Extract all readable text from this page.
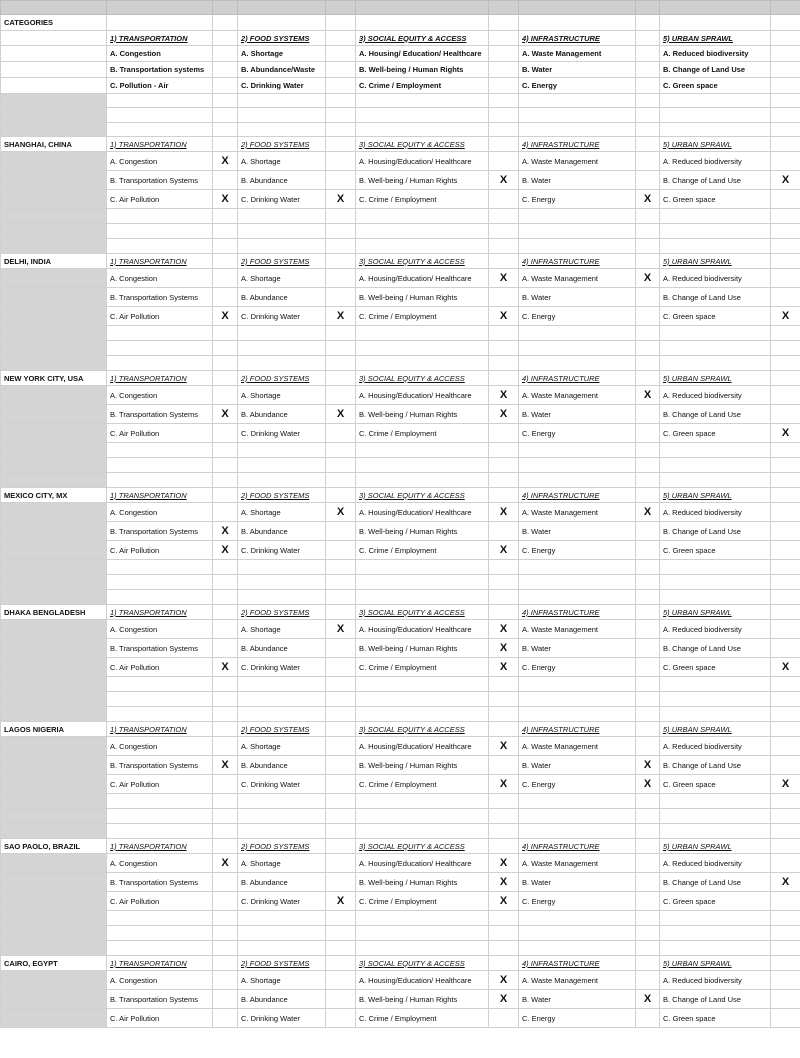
CATEGORIES										
	1) TRANSPORTATION		2) FOOD SYSTEMS		3) SOCIAL EQUITY & ACCESS		4) INFRASTRUCTURE		5) URBAN SPRAWL	
	A. Congestion		A. Shortage		A. Housing/ Education/ Healthcare		A. Waste Management		A. Reduced biodiversity	
	B. Transportation systems		B. Abundance/Waste		B. Well-being / Human Rights		B. Water		B. Change of Land Use	
	C. Pollution - Air		C. Drinking Water		C. Crime / Employment		C. Energy		C. Green space	

SHANGHAI, CHINA	1) TRANSPORTATION		2) FOOD SYSTEMS		3) SOCIAL EQUITY & ACCESS		4) INFRASTRUCTURE		5) URBAN SPRAWL	
	A. Congestion	X	A. Shortage		A. Housing/Education/ Healthcare		A. Waste Management		A. Reduced biodiversity	
	B. Transportation Systems		B. Abundance		B. Well-being / Human Rights	X	B. Water		B. Change of Land Use	X
	C. Air Pollution	X	C. Drinking Water	X	C. Crime / Employment		C. Energy	X	C. Green space	

DELHI, INDIA	1) TRANSPORTATION		2) FOOD SYSTEMS		3) SOCIAL EQUITY & ACCESS		4) INFRASTRUCTURE		5) URBAN SPRAWL	
	A. Congestion		A. Shortage		A. Housing/Education/ Healthcare	X	A. Waste Management	X	A. Reduced biodiversity	
	B. Transportation Systems		B. Abundance		B. Well-being / Human Rights		B. Water		B. Change of Land Use	
	C. Air Pollution	X	C. Drinking Water	X	C. Crime / Employment	X	C. Energy		C. Green space	X

NEW YORK CITY, USA	1) TRANSPORTATION		2) FOOD SYSTEMS		3) SOCIAL EQUITY & ACCESS		4) INFRASTRUCTURE		5) URBAN SPRAWL	
	A. Congestion		A. Shortage		A. Housing/Education/ Healthcare	X	A. Waste Management	X	A. Reduced biodiversity	
	B. Transportation Systems	X	B. Abundance	X	B. Well-being / Human Rights	X	B. Water		B. Change of Land Use	
	C. Air Pollution		C. Drinking Water		C. Crime / Employment		C. Energy		C. Green space	X

MEXICO CITY, MX	1) TRANSPORTATION		2) FOOD SYSTEMS		3) SOCIAL EQUITY & ACCESS		4) INFRASTRUCTURE		5) URBAN SPRAWL	
	A. Congestion		A. Shortage	X	A. Housing/Education/ Healthcare	X	A. Waste Management	X	A. Reduced biodiversity	
	B. Transportation Systems	X	B. Abundance		B. Well-being / Human Rights		B. Water		B. Change of Land Use	
	C. Air Pollution	X	C. Drinking Water		C. Crime / Employment	X	C. Energy		C. Green space	

DHAKA BENGLADESH	1) TRANSPORTATION		2) FOOD SYSTEMS		3) SOCIAL EQUITY & ACCESS		4) INFRASTRUCTURE		5) URBAN SPRAWL	
	A. Congestion		A. Shortage	X	A. Housing/Education/ Healthcare	X	A. Waste Management		A. Reduced biodiversity	
	B. Transportation Systems		B. Abundance		B. Well-being / Human Rights	X	B. Water		B. Change of Land Use	
	C. Air Pollution	X	C. Drinking Water		C. Crime / Employment	X	C. Energy		C. Green space	X

LAGOS NIGERIA	1) TRANSPORTATION		2) FOOD SYSTEMS		3) SOCIAL EQUITY & ACCESS		4) INFRASTRUCTURE		5) URBAN SPRAWL	
	A. Congestion		A. Shortage		A. Housing/Education/ Healthcare	X	A. Waste Management		A. Reduced biodiversity	
	B. Transportation Systems	X	B. Abundance		B. Well-being / Human Rights		B. Water	X	B. Change of Land Use	
	C. Air Pollution		C. Drinking Water		C. Crime / Employment	X	C. Energy	X	C. Green space	X

SAO PAOLO, BRAZIL	1) TRANSPORTATION		2) FOOD SYSTEMS		3) SOCIAL EQUITY & ACCESS		4) INFRASTRUCTURE		5) URBAN SPRAWL	
	A. Congestion	X	A. Shortage		A. Housing/Education/ Healthcare	X	A. Waste Management		A. Reduced biodiversity	
	B. Transportation Systems		B. Abundance		B. Well-being / Human Rights	X	B. Water		B. Change of Land Use	X
	C. Air Pollution		C. Drinking Water	X	C. Crime / Employment	X	C. Energy		C. Green space	

CAIRO, EGYPT	1) TRANSPORTATION		2) FOOD SYSTEMS		3) SOCIAL EQUITY & ACCESS		4) INFRASTRUCTURE		5) URBAN SPRAWL	
	A. Congestion		A. Shortage		A. Housing/Education/ Healthcare	X	A. Waste Management		A. Reduced biodiversity	
	B. Transportation Systems		B. Abundance		B. Well-being / Human Rights	X	B. Water	X	B. Change of Land Use	
	C. Air Pollution		C. Drinking Water		C. Crime / Employment		C. Energy		C. Green space	
